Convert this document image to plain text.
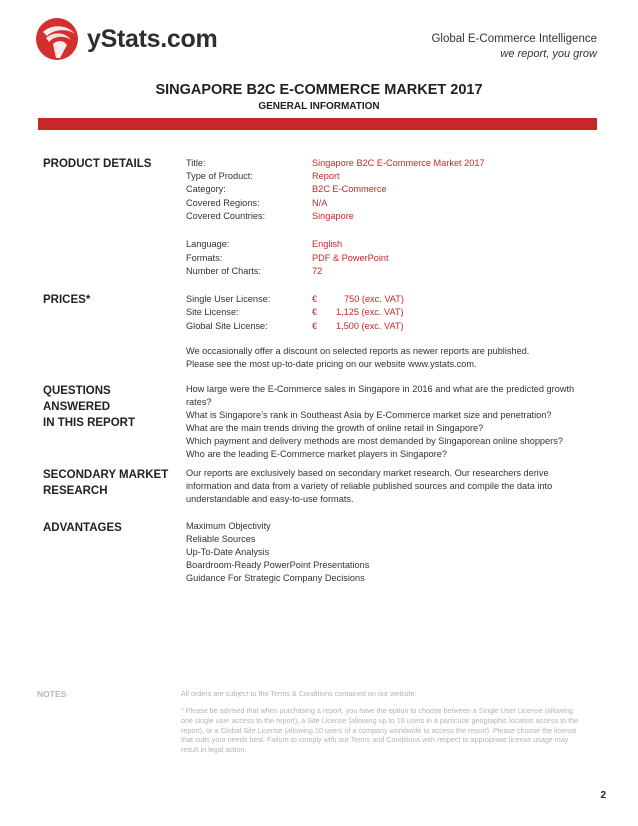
yStats.com	Global E-Commerce Intelligence
we report, you grow
SINGAPORE B2C E-COMMERCE MARKET 2017
GENERAL INFORMATION
PRODUCT DETAILS	Title:	Singapore B2C E-Commerce Market 2017
Type of Product:	Report
Category:	B2C E-Commerce
Covered Regions:	N/A
Covered Countries:	Singapore
Language:	English
Formats:	PDF & PowerPoint
Number of Charts:	72
PRICES*	Single User License:	€	750 (exc. VAT)
Site License:	€ 1,125 (exc. VAT)
Global Site License:	€ 1,500 (exc. VAT)
We occasionally offer a discount on selected reports as newer reports are published.
Please see the most up-to-date pricing on our website www.ystats.com.
QUESTIONS
ANSWERED
IN THIS REPORT
How large were the E-Commerce sales in Singapore in 2016 and what are the predicted growth
rates?
What is Singapore’s rank in Southeast Asia by E-Commerce market size and penetration?
What are the main trends driving the growth of online retail in Singapore?
Which payment and delivery methods are most demanded by Singaporean online shoppers?
Who are the leading E-Commerce market players in Singapore?
SECONDARY MARKET
RESEARCH
Our reports are exclusively based on secondary market research. Our researchers derive
information and data from a variety of reliable published sources and compile the data into
understandable and easy-to-use formats.
ADVANTAGES	Maximum Objectivity
Reliable Sources
Up-To-Date Analysis
Boardroom-Ready PowerPoint Presentations
Guidance For Strategic Company Decisions
NOTES	All orders are subject to the Terms & Conditions contained on our website.
* Please be advised that when purchasing a report, you have the option to choose between a Single User License (allowing
one single user access to the report), a Site License (allowing up to 10 users in a particular geographic location access to the
report), or a Global Site License (allowing 10 users of a company worldwide to access the report). Please choose the license
that suits your needs best. Failure to comply with our Terms and Conditions with respect to appropriate license usage may
result in legal action.
2
